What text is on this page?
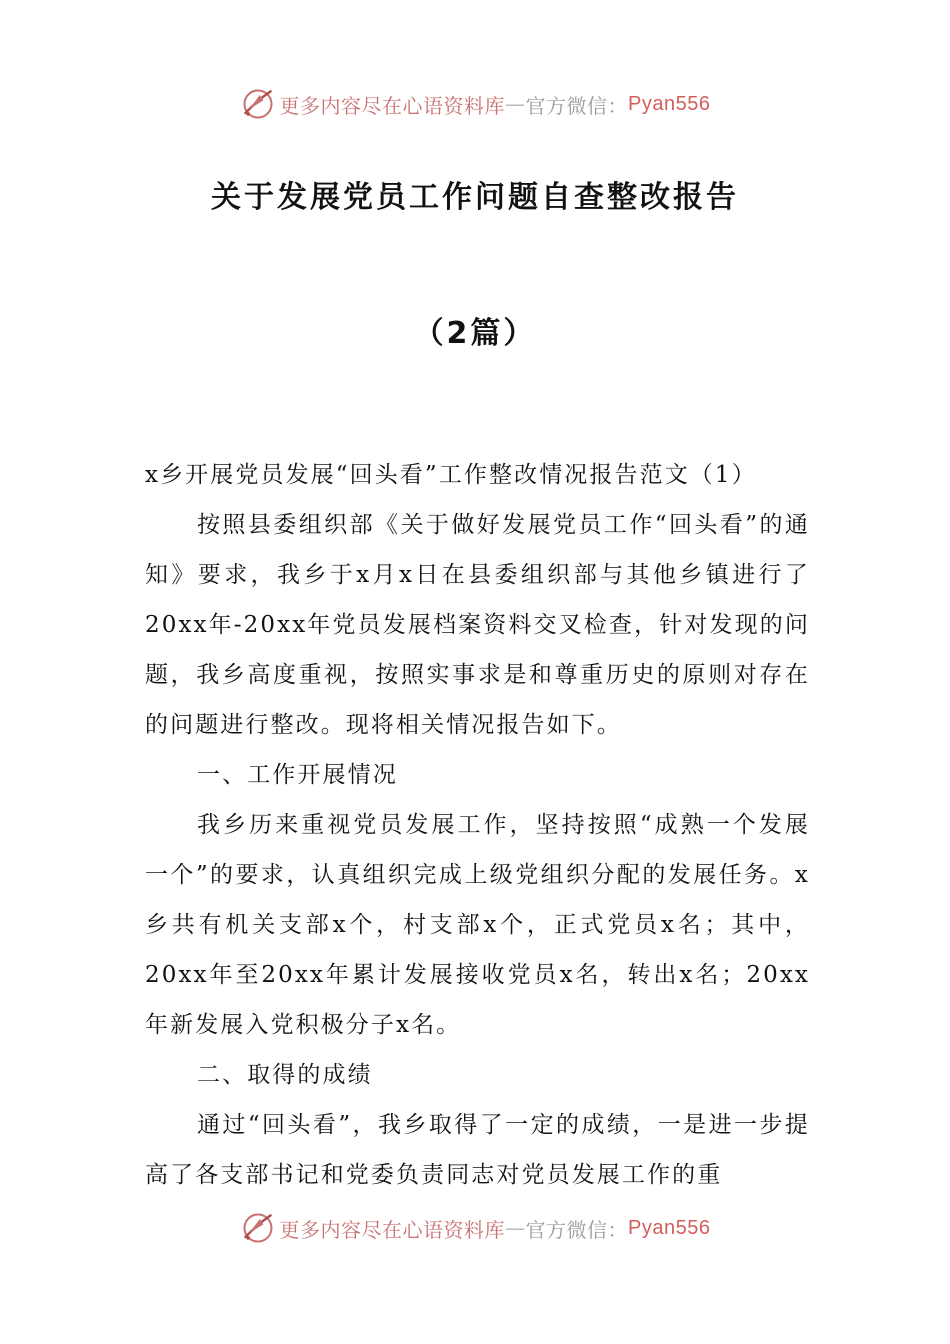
更多内容尽在心语资料库 — 官方微信： Pyan556
关于发展党员工作问题自查整改报告
（2篇）

x乡开展党员发展“回头看”工作整改情况报告范文（1）

按照县委组织部《关于做好发展党员工作“回头看”的通知》要求，我乡于x月x日在县委组织部与其他乡镇进行了20xx年-20xx年党员发展档案资料交叉检查，针对发现的问题，我乡高度重视，按照实事求是和尊重历史的原则对存在的问题进行整改。现将相关情况报告如下。

一、工作开展情况

我乡历来重视党员发展工作，坚持按照“成熟一个发展一个”的要求，认真组织完成上级党组织分配的发展任务。x乡共有机关支部x个，村支部x个，正式党员x名；其中，20xx年至20xx年累计发展接收党员x名，转出x名；20xx年新发展入党积极分子x名。

二、取得的成绩

通过“回头看”，我乡取得了一定的成绩，一是进一步提高了各支部书记和党委负责同志对党员发展工作的重

更多内容尽在心语资料库 — 官方微信： Pyan556
